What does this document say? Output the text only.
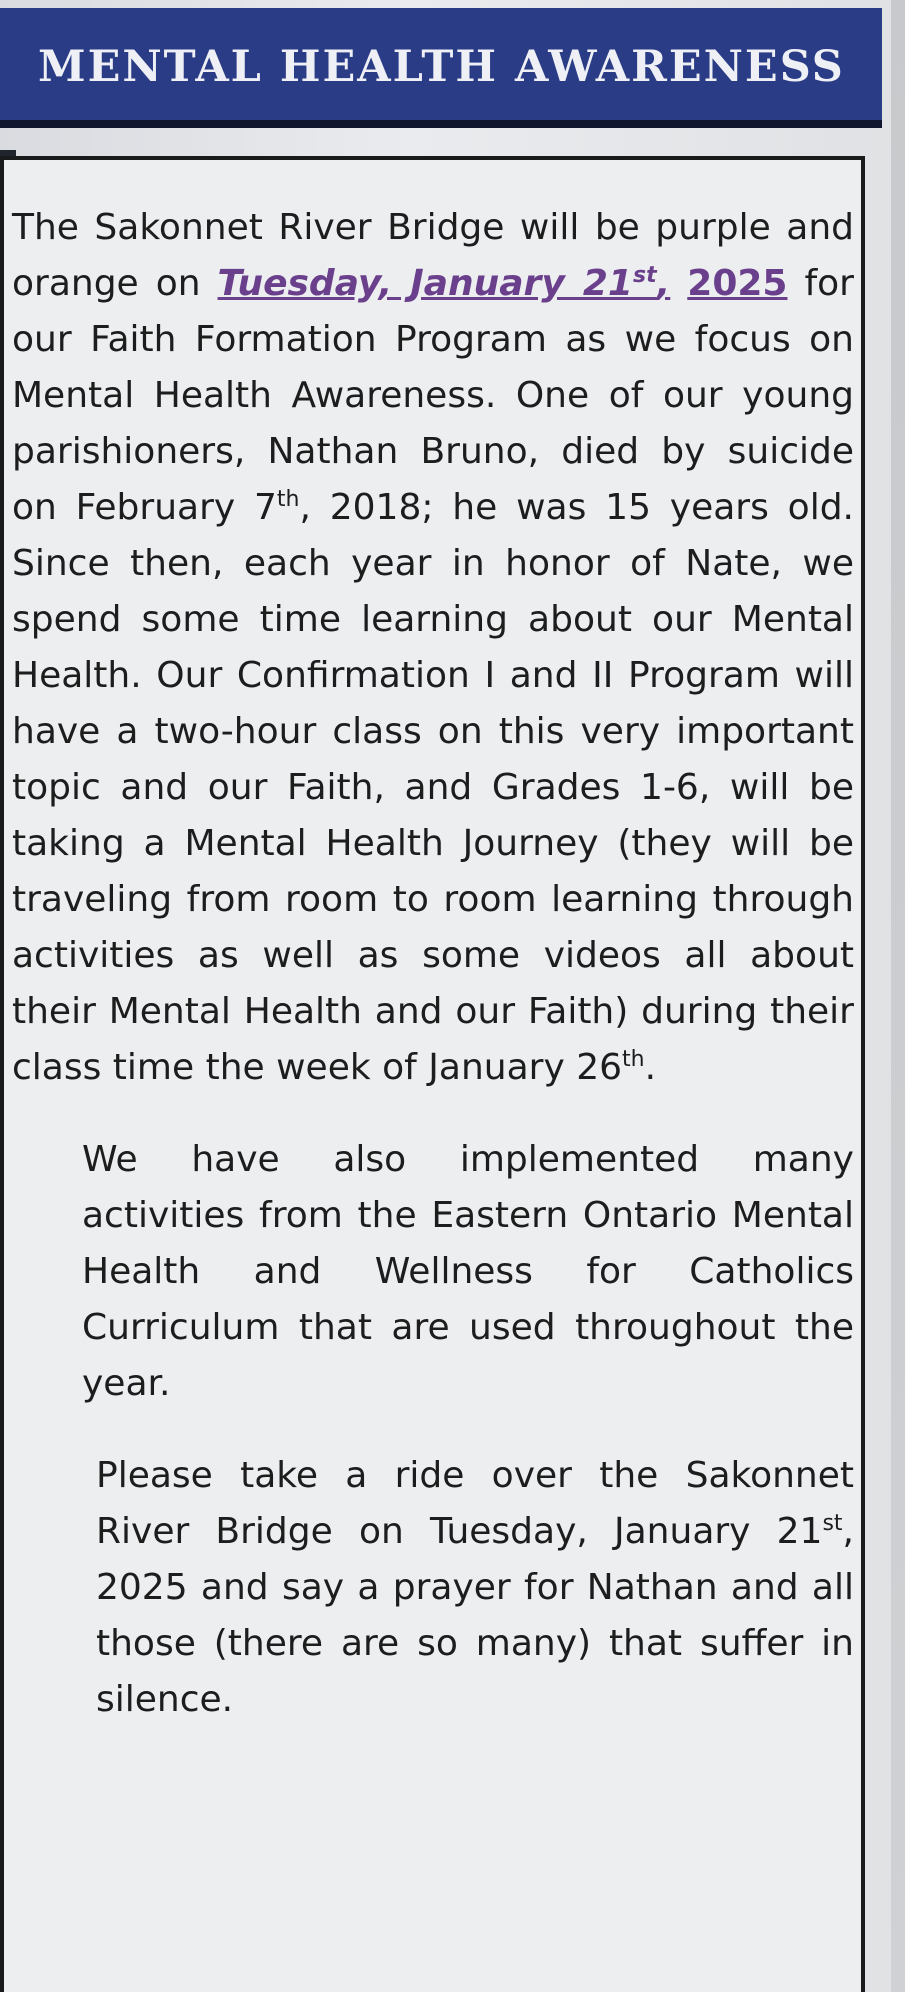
MENTAL HEALTH AWARENESS

The Sakonnet River Bridge will be purple and orange on Tuesday, January 21st, 2025 for our Faith Formation Program as we focus on Mental Health Awareness. One of our young parishioners, Nathan Bruno, died by suicide on February 7th, 2018; he was 15 years old. Since then, each year in honor of Nate, we spend some time learning about our Mental Health. Our Confirmation I and II Program will have a two-hour class on this very important topic and our Faith, and Grades 1-6, will be taking a Mental Health Journey (they will be traveling from room to room learning through activities as well as some videos all about their Mental Health and our Faith) during their class time the week of January 26th.

We have also implemented many activities from the Eastern Ontario Mental Health and Wellness for Catholics Curriculum that are used throughout the year.

Please take a ride over the Sakonnet River Bridge on Tuesday, January 21st, 2025 and say a prayer for Nathan and all those (there are so many) that suffer in silence.
